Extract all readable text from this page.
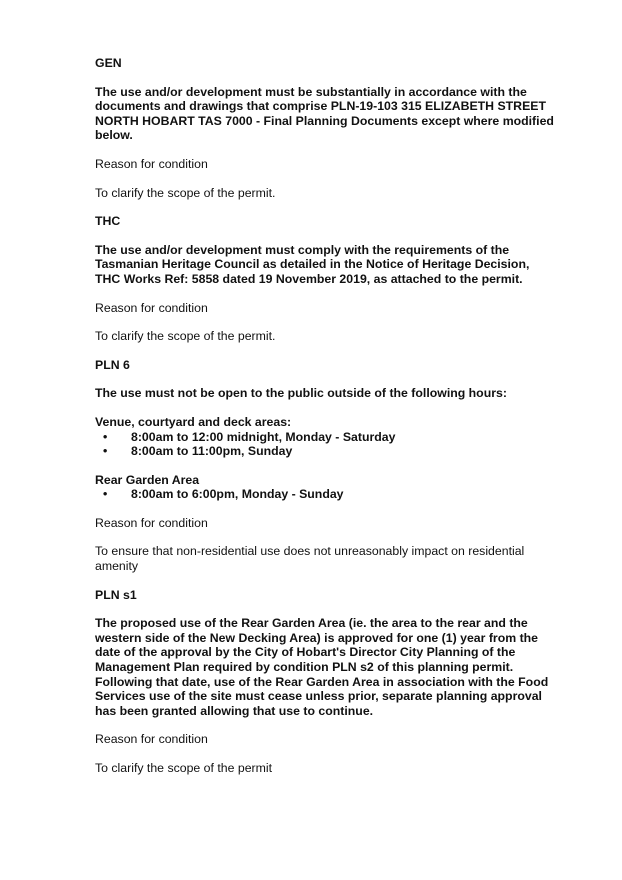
GEN

The use and/or development must be substantially in accordance with the documents and drawings that comprise PLN-19-103 315 ELIZABETH STREET NORTH HOBART TAS 7000 - Final Planning Documents except where modified below.

Reason for condition

To clarify the scope of the permit.

THC

The use and/or development must comply with the requirements of the Tasmanian Heritage Council as detailed in the Notice of Heritage Decision, THC Works Ref: 5858 dated 19 November 2019, as attached to the permit.

Reason for condition

To clarify the scope of the permit.

PLN 6

The use must not be open to the public outside of the following hours:

Venue, courtyard and deck areas:

• 8:00am to 12:00 midnight, Monday - Saturday
• 8:00am to 11:00pm, Sunday

Rear Garden Area

• 8:00am to 6:00pm, Monday - Sunday

Reason for condition

To ensure that non-residential use does not unreasonably impact on residential amenity

PLN s1

The proposed use of the Rear Garden Area (ie. the area to the rear and the western side of the New Decking Area) is approved for one (1) year from the date of the approval by the City of Hobart's Director City Planning of the Management Plan required by condition PLN s2 of this planning permit. Following that date, use of the Rear Garden Area in association with the Food Services use of the site must cease unless prior, separate planning approval has been granted allowing that use to continue.

Reason for condition

To clarify the scope of the permit
